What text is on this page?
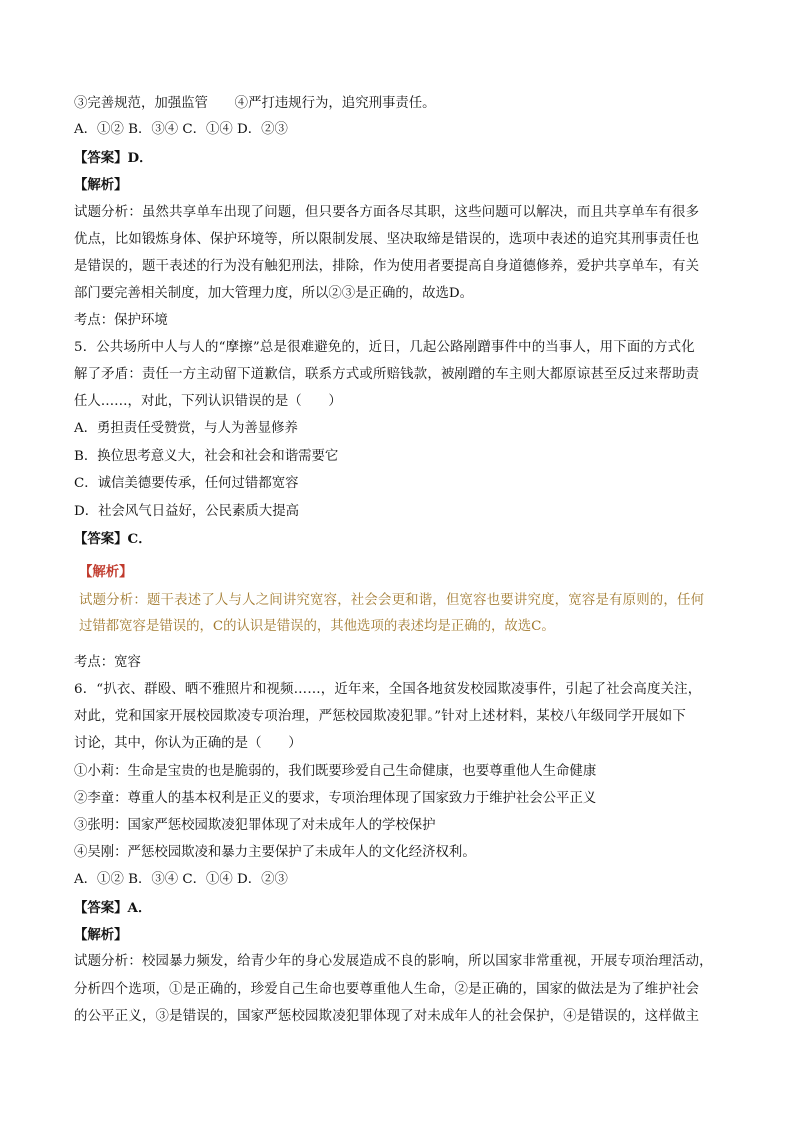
③完善规范，加强监管　　④严打违规行为，追究刑事责任。
A．①② B．③④ C．①④ D．②③
【答案】D．
【解析】
试题分析：虽然共享单车出现了问题，但只要各方面各尽其职，这些问题可以解决，而且共享单车有很多
优点，比如锻炼身体、保护环境等，所以限制发展、坚决取缔是错误的，选项中表述的追究其刑事责任也
是错误的，题干表述的行为没有触犯刑法，排除，作为使用者要提高自身道德修养，爱护共享单车，有关
部门要完善相关制度，加大管理力度，所以②③是正确的，故选D。
考点：保护环境
5．公共场所中人与人的“摩擦”总是很难避免的，近日，几起公路剐蹭事件中的当事人，用下面的方式化
解了矛盾：责任一方主动留下道歉信，联系方式或所赔钱款，被剐蹭的车主则大都原谅甚至反过来帮助责
任人……，对此，下列认识错误的是（　　）
A．勇担责任受赞赏，与人为善显修养
B．换位思考意义大，社会和社会和谐需要它
C．诚信美德要传承，任何过错都宽容
D．社会风气日益好，公民素质大提高
【答案】C．
【解析】
试题分析：题干表述了人与人之间讲究宽容，社会会更和谐，但宽容也要讲究度，宽容是有原则的，任何
过错都宽容是错误的，C的认识是错误的，其他选项的表述均是正确的，故选C。
考点：宽容
6．“扒衣、群殴、晒不雅照片和视频……，近年来，全国各地贫发校园欺凌事件，引起了社会高度关注，
对此，党和国家开展校园欺凌专项治理，严惩校园欺凌犯罪。”针对上述材料，某校八年级同学开展如下
讨论，其中，你认为正确的是（　　）
①小莉：生命是宝贵的也是脆弱的，我们既要珍爱自己生命健康，也要尊重他人生命健康
②李童：尊重人的基本权利是正义的要求，专项治理体现了国家致力于维护社会公平正义
③张明：国家严惩校园欺凌犯罪体现了对未成年人的学校保护
④吴刚：严惩校园欺凌和暴力主要保护了未成年人的文化经济权利。
A．①② B．③④ C．①④ D．②③
【答案】A．
【解析】
试题分析：校园暴力频发，给青少年的身心发展造成不良的影响，所以国家非常重视，开展专项治理活动，
分析四个选项，①是正确的，珍爱自己生命也要尊重他人生命，②是正确的，国家的做法是为了维护社会
的公平正义，③是错误的，国家严惩校园欺凌犯罪体现了对未成年人的社会保护，④是错误的，这样做主
